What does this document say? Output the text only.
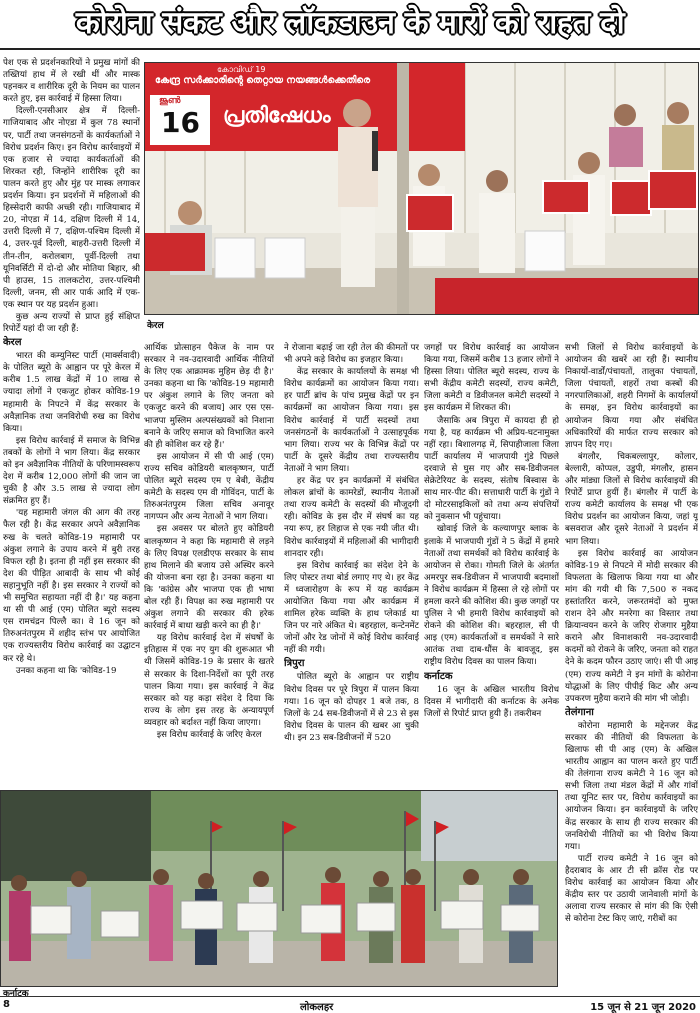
कोरोना संकट और लॉकडाउन के मारों को राहत दो

पेश एक से प्रदर्शनकारियों ने प्रमुख मांगों की तख्तियां हाथ में ले रखी थीं और मास्क पहनकर व शारीरिक दूरी के नियम का पालन करते हुए, इस कार्रवाई में हिस्सा लिया।

दिल्ली-एनसीआर क्षेत्र में दिल्ली-गाजियाबाद और नोएडा में कुल 78 स्थानों पर, पार्टी तथा जनसंगठनों के कार्यकर्ताओं ने विरोध प्रदर्शन किए। इन विरोध कार्रवाइयों में एक हजार से ज्यादा कार्यकर्ताओं की शिरकत रही, जिन्होंने शारीरिक दूरी का पालन करते हुए और मुंह पर मास्क लगाकर प्रदर्शन किया। इन प्रदर्शनों में महिलाओं की हिस्सेदारी काफी अच्छी रही। गाजियाबाद में 20, नोएडा में 14, दक्षिण दिल्ली में 14, उत्तरी दिल्ली में 7, दक्षिण-पश्चिम दिल्ली में 4, उत्तर-पूर्व दिल्ली, बाहरी-उत्तरी दिल्ली में तीन-तीन, करोलबाग, पूर्वी-दिल्ली तथा यूनिवर्सिटी में दो-दो और मोतिया बिहार, श्री पी हाउस, 15 तालकटोरा, उत्तर-पश्चिमी दिल्ली, जनम, सी आर पार्क आदि में एक-एक स्थान पर यह प्रदर्शन हुआ।

कुछ अन्य राज्यों से प्राप्त हुई संक्षिप्त रिपोर्टें यहां दी जा रही हैं:

केरल

भारत की कम्युनिस्ट पार्टी (मार्क्सवादी) के पोलित ब्यूरो के आह्वान पर पूरे केरल में करीब 1.5 लाख केंद्रों में 10 लाख से ज्यादा लोगों ने एकजुट होकर कोविड-19 महामारी के निपटने में केंद्र सरकार के अवैज्ञानिक तथा जनविरोधी रुख का विरोध किया।

इस विरोध कार्रवाई में समाज के विभिन्न तबकों के लोगों ने भाग लिया। केंद्र सरकार को इन अवैज्ञानिक नीतियों के परिणामस्वरूप देश में करीब 12,000 लोगों की जान जा चुकी है और 3.5 लाख से ज्यादा लोग संक्रमित हुए हैं।

'यह महामारी जंगल की आग की तरह फैल रही है। केंद्र सरकार अपने अवैज्ञानिक रुख के चलते कोविड-19 महामारी पर अंकुश लगाने के उपाय करने में बुरी तरह विफल रही है। इतना ही नहीं इस सरकार की देश की पीड़ित आबादी के साथ भी कोई सहानुभूति नहीं है। इस सरकार ने राज्यों को भी समुचित सहायता नहीं दी है।' यह कहना था सी पी आई (एम) पोलित ब्यूरो सदस्य एस रामचंद्रन पिल्लै का। वे 16 जून को तिरुअनंतपुरम में शहीद स्तंभ पर आयोजित एक राज्यस्तरीय विरोध कार्रवाई का उद्घाटन कर रहे थे।

उनका कहना था कि 'कोविड-19

കോവിഡ് 19
കേന്ദ്ര സർക്കാരിന്റെ തെറ്റായ നയങ്ങൾക്കെതിരെ
ജൂൺ
16 പ്രതിഷേധം
केरल

आर्थिक प्रोत्साहन पैकेज के नाम पर सरकार ने नव-उदारवादी आर्थिक नीतियों के लिए एक आक्रामक मुहिम छेड़ दी है।' उनका कहना था कि 'कोविड-19 महामारी पर अंकुश लगाने के लिए जनता को एकजुट करने की बजाय] आर एस एस-भाजपा मुस्लिम अल्पसंख्यकों को निशाना बनाने के जरिए समाज को विभाजित करने की ही कोशिश कर रहे हैं।'

इस आयोजन में सी पी आई (एम) राज्य सचिव कोडियरी बालकृष्णन, पार्टी पोलित ब्यूरो सदस्य एम ए बेबी, केंद्रीय कमेटी के सदस्य एम वी गोविंदन, पार्टी के तिरुअनंतपुरम जिला सचिव अनावूर नागप्पन और अन्य नेताओं ने भाग लिया।

इस अवसर पर बोलते हुए कोडियरी बालकृष्णन ने कहा कि महामारी से लड़ने के लिए विपक्ष एलडीएफ सरकार के साथ हाथ मिलाने की बजाय उसे अस्थिर करने की योजना बना रहा है। उनका कहना था कि 'कांग्रेस और भाजपा एक ही भाषा बोल रही हैं। विपक्ष का रुख महामारी पर अंकुश लगाने की सरकार की हरेक कार्रवाई में बाधा खड़ी करने का ही है।'

यह विरोध कार्रवाई देश में संघर्षों के इतिहास में एक नए युग की शुरूआत भी थी जिसमें कोविड-19 के प्रसार के खतरे से सरकार के दिशा-निर्देशों का पूरी तरह पालन किया गया। इस कार्रवाई ने केंद्र सरकार को यह कड़ा संदेश दे दिया कि राज्य के लोग इस तरह के अन्यायपूर्ण व्यवहार को बर्दाश्त नहीं किया जाएगा।

इस विरोध कार्रवाई के जरिए केरल

ने रोजाना बढ़ाई जा रही तेल की कीमतों पर भी अपने कड़े विरोध का इजहार किया।

केंद्र सरकार के कार्यालयों के समक्ष भी विरोध कार्यक्रमों का आयोजन किया गया। हर पार्टी ब्रांच के पांच प्रमुख केंद्रों पर इन कार्यक्रमों का आयोजन किया गया। इस विरोध कार्रवाई में पार्टी सदस्यों तथा जनसंगठनों के कार्यकर्ताओं ने उत्साहपूर्वक भाग लिया। राज्य भर के विभिन्न केंद्रों पर पार्टी के दूसरे केंद्रीय तथा राज्यस्तरीय नेताओं ने भाग लिया।

हर केंद्र पर इन कार्यक्रमों में संबंधित लोकल ब्रांचों के कामरेडों, स्थानीय नेताओं तथा राज्य कमेटी के सदस्यों की मौजूदगी रही। कोविड के इस दौर में संघर्ष का यह नया रूप, हर लिहाज से एक नयी जीत थी। विरोध कार्रवाइयों में महिलाओं की भागीदारी शानदार रही।

इस विरोध कार्रवाई का संदेश देने के लिए पोस्टर तथा बोर्ड लगाए गए थे। हर केंद्र में ध्वजारोहण के रूप में यह कार्यक्रम आयोजित किया गया और कार्यक्रम में शामिल हरेक व्यक्ति के हाथ प्लेकार्ड था जिन पर नारे अंकित थे। बहरहाल, कन्टेनमेंट जोनों और रेड जोनों में कोई विरोध कार्रवाई नहीं की गयी।

त्रिपुरा

पोलित ब्यूरो के आह्वान पर राष्ट्रीय विरोध दिवस पर पूरे त्रिपुरा में पालन किया गया। 16 जून को दोपहर 1 बजे तक, 8 जिलों के 24 सब-डिवीजनों में से 23 से इस विरोध दिवस के पालन की खबर आ चुकी थी। इन 23 सब-डिवीजनों में 520

जगहों पर विरोध कार्रवाई का आयोजन किया गया, जिसमें करीब 13 हजार लोगों ने हिस्सा लिया। पोलित ब्यूरो सदस्य, राज्य के सभी केंद्रीय कमेटी सदस्यों, राज्य कमेटी, जिला कमेटी व डिवीजनल कमेटी सदस्यों ने इस कार्यक्रम में शिरकत की।

जैसाकि अब त्रिपुरा में कायदा ही हो गया है, यह कार्यक्रम भी अप्रिय-घटनामुक्त नहीं रहा। बिशालगढ़ में, सिपाहीजाला जिला पार्टी कार्यालय में भाजपायी गुंडे पिछले दरवाजे से घुस गए और सब-डिवीजनल सेक्रेटेरियट के सदस्य, संतोष बिस्वास के साथ मार-पीट की। सत्ताधारी पार्टी के गुंडों ने दो मोटरसाइकिलों को तथा अन्य संपत्तियों को नुकसान भी पहुंचाया।

खोवाई जिले के कल्याणपुर ब्लाक के इलाके में भाजपायी गुंडों ने 5 केंद्रों में हमारे नेताओं तथा समर्थकों को विरोध कार्रवाई के आयोजन से रोका। गोमती जिले के अंतर्गत अमरपुर सब-डिवीजन में भाजपायी बदमाशों ने विरोध कार्यक्रम में हिस्सा ले रहे लोगों पर हमला करने की कोशिश की। कुछ जगहों पर पुलिस ने भी हमारी विरोध कार्रवाइयों को रोकने की कोशिश की। बहरहाल, सी पी आइ (एम) कार्यकर्ताओं व समर्थकों ने सारे आतंक तथा दाब-धौंस के बावजूद, इस राष्ट्रीय विरोध दिवस का पालन किया।

कर्नाटक

16 जून के अखिल भारतीय विरोध दिवस में भागीदारी की कर्नाटक के अनेक जिलों से रिपोर्ट प्राप्त हुयी हैं। तकरीबन

सभी जिलों से विरोध कार्रवाइयों के आयोजन की खबरें आ रही हैं। स्थानीय निकायों-वार्डों/पंचायतों, तालुका पंचायतों, जिला पंचायतों, शहरों तथा कस्बों की नगरपालिकाओं, शहरी निगमों के कार्यालयों के समक्ष, इन विरोध कार्रवाइयों का आयोजन किया गया और संबंधित अधिकारियों की मार्फत राज्य सरकार को ज्ञापन दिए गए।

बंगलौर, चिकबल्लापुर, कोलार, बेल्लारी, कोप्पल, उडुपी, मंगलौर, हासन और मांड्या जिलों से विरोध कार्रवाइयों की रिपोर्टें प्राप्त हुयीं हैं। बंगलौर में पार्टी के राज्य कमेटी कार्यालय के समक्ष भी एक विरोध प्रदर्शन का आयोजन किया, जहां यू बसवराज और दूसरे नेताओं ने प्रदर्शन में भाग लिया।

इस विरोध कार्रवाई का आयोजन कोविड-19 से निपटने में मोदी सरकार की विफलता के खिलाफ किया गया था और मांग की गयी थी कि 7,500 रु नकद हस्तांतरित करने, जरूरतमंदों को मुफ्त राशन देने और मनरेगा का विस्तार तथा क्रियान्वयन करने के जरिए रोजगार मुहैया कराने और विनाशकारी नव-उदारवादी कदमों को रोकने के जरिए, जनता को राहत देने के कदम फौरन उठाए जाएं। सी पी आइ (एम) राज्य कमेटी ने इन मांगों के कोरोना योद्धाओं के लिए पीपीई किट और अन्य उपकरण मुहैया कराने की मांग भी जोड़ी।

तेलंगाना

कोरोना महामारी के मद्देनजर केंद्र सरकार की नीतियों की विफलता के खिलाफ सी पी आइ (एम) के अखिल भारतीय आह्वान का पालन करते हुए पार्टी की तेलंगाना राज्य कमेटी ने 16 जून को सभी जिला तथा मंडल केंद्रों में और गांवों तथा यूनिट स्तर पर, विरोध कार्रवाइयों का आयोजन किया। इन कार्रवाइयों के जरिए केंद्र सरकार के साथ ही राज्य सरकार की जनविरोधी नीतियों का भी विरोध किया गया।

पार्टी राज्य कमेटी ने 16 जून को हैदराबाद के आर टी सी क्रॉस रोड पर विरोध कार्रवाई का आयोजन किया और केंद्रीय स्तर पर उठायी जानेवाली मांगों के अलावा राज्य सरकार से मांग की कि ऐसी से कोरोना टेस्ट किए जाएं, गरीबों का

कर्नाटक
8	लोकलहर	15 जून से 21 जून 2020
